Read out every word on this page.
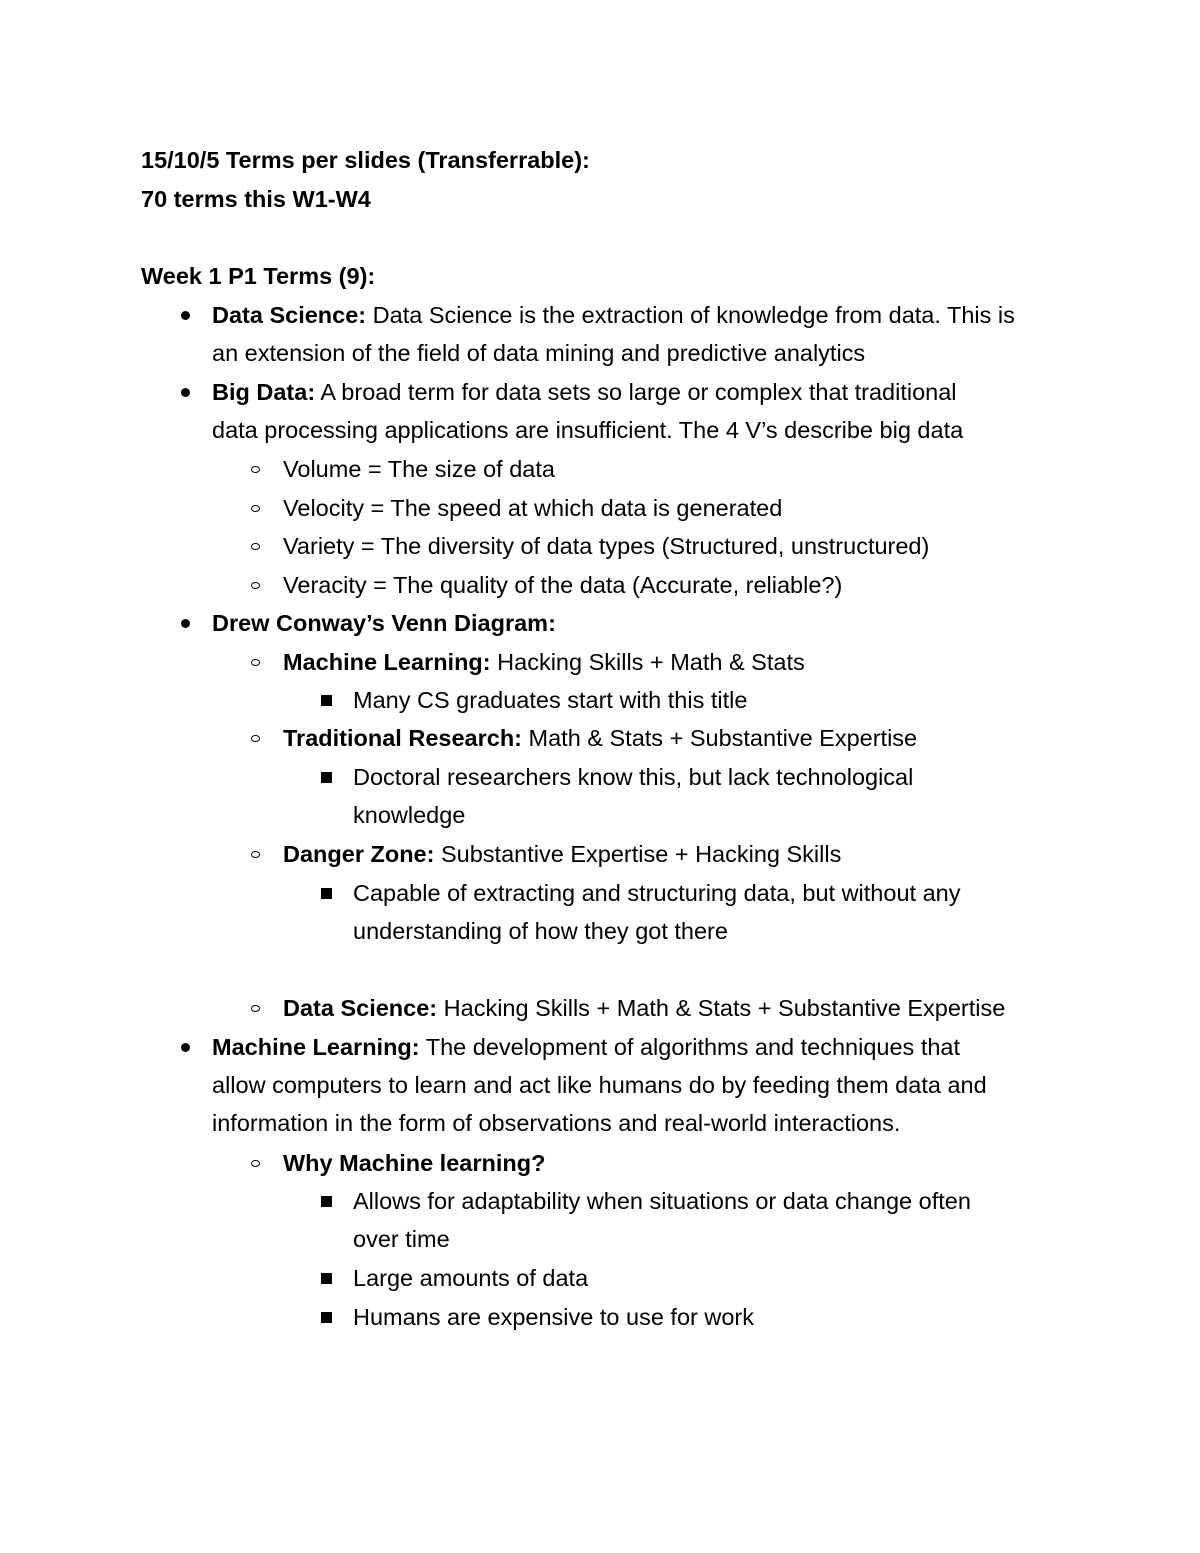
15/10/5 Terms per slides (Transferrable):
70 terms this W1-W4
Week 1 P1 Terms (9):
Data Science: Data Science is the extraction of knowledge from data. This is
an extension of the field of data mining and predictive analytics
Big Data: A broad term for data sets so large or complex that traditional
data processing applications are insufficient. The 4 V’s describe big data
Volume = The size of data
Velocity = The speed at which data is generated
Variety = The diversity of data types (Structured, unstructured)
Veracity = The quality of the data (Accurate, reliable?)
Drew Conway’s Venn Diagram:
Machine Learning: Hacking Skills + Math & Stats
Many CS graduates start with this title
Traditional Research: Math & Stats + Substantive Expertise
Doctoral researchers know this, but lack technological
knowledge
Danger Zone: Substantive Expertise + Hacking Skills
Capable of extracting and structuring data, but without any
understanding of how they got there
Data Science: Hacking Skills + Math & Stats + Substantive Expertise
Machine Learning: The development of algorithms and techniques that
allow computers to learn and act like humans do by feeding them data and
information in the form of observations and real-world interactions.
Why Machine learning?
Allows for adaptability when situations or data change often
over time
Large amounts of data
Humans are expensive to use for work
